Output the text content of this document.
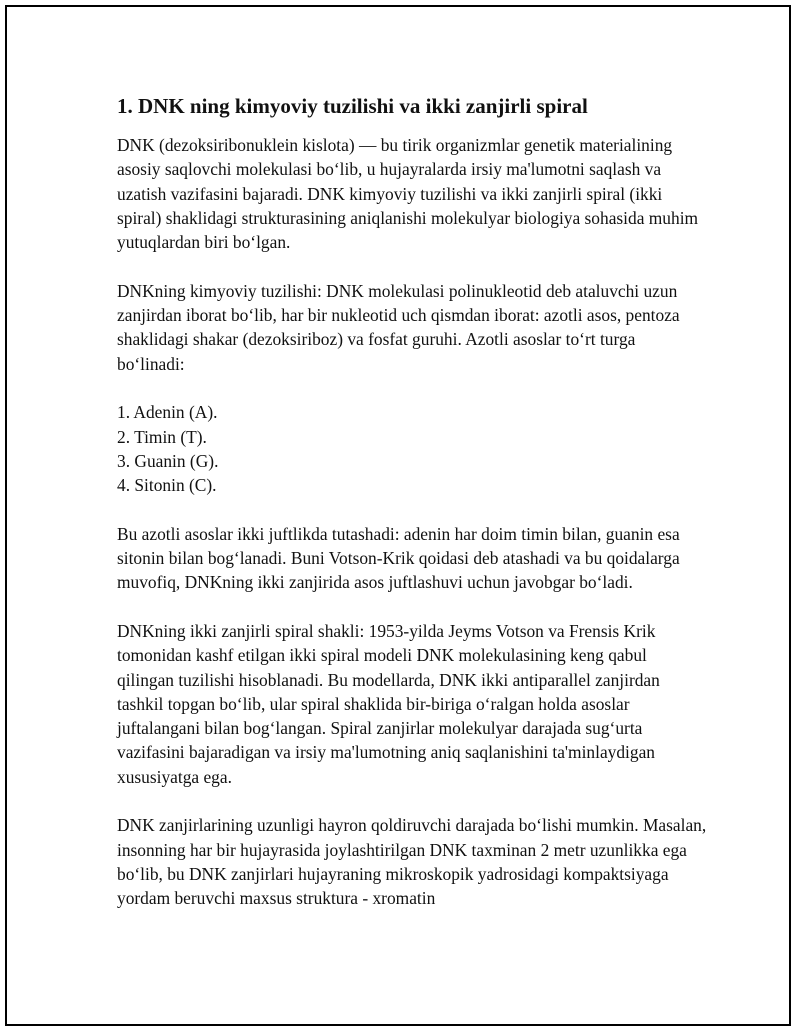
1. DNK ning kimyoviy tuzilishi va ikki zanjirli spiral

DNK (dezoksiribonuklein kislota) — bu tirik organizmlar genetik materialining asosiy saqlovchi molekulasi bo‘lib, u hujayralarda irsiy ma'lumotni saqlash va uzatish vazifasini bajaradi. DNK kimyoviy tuzilishi va ikki zanjirli spiral (ikki spiral) shaklidagi strukturasining aniqlanishi molekulyar biologiya sohasida muhim yutuqlardan biri bo‘lgan.

DNKning kimyoviy tuzilishi: DNK molekulasi polinukleotid deb ataluvchi uzun zanjirdan iborat bo‘lib, har bir nukleotid uch qismdan iborat: azotli asos, pentoza shaklidagi shakar (dezoksiriboz) va fosfat guruhi. Azotli asoslar to‘rt turga bo‘linadi:

1. Adenin (A).
2. Timin (T).
3. Guanin (G).
4. Sitonin (C).

Bu azotli asoslar ikki juftlikda tutashadi: adenin har doim timin bilan, guanin esa sitonin bilan bog‘lanadi. Buni Votson-Krik qoidasi deb atashadi va bu qoidalarga muvofiq, DNKning ikki zanjirida asos juftlashuvi uchun javobgar bo‘ladi.

DNKning ikki zanjirli spiral shakli: 1953-yilda Jeyms Votson va Frensis Krik tomonidan kashf etilgan ikki spiral modeli DNK molekulasining keng qabul qilingan tuzilishi hisoblanadi. Bu modellarda, DNK ikki antiparallel zanjirdan tashkil topgan bo‘lib, ular spiral shaklida bir-biriga o‘ralgan holda asoslar juftalangani bilan bog‘langan. Spiral zanjirlar molekulyar darajada sug‘urta vazifasini bajaradigan va irsiy ma'lumotning aniq saqlanishini ta'minlaydigan xususiyatga ega.

DNK zanjirlarining uzunligi hayron qoldiruvchi darajada bo‘lishi mumkin. Masalan, insonning har bir hujayrasida joylashtirilgan DNK taxminan 2 metr uzunlikka ega bo‘lib, bu DNK zanjirlari hujayraning mikroskopik yadrosidagi kompaktsiyaga yordam beruvchi maxsus struktura - xromatin
